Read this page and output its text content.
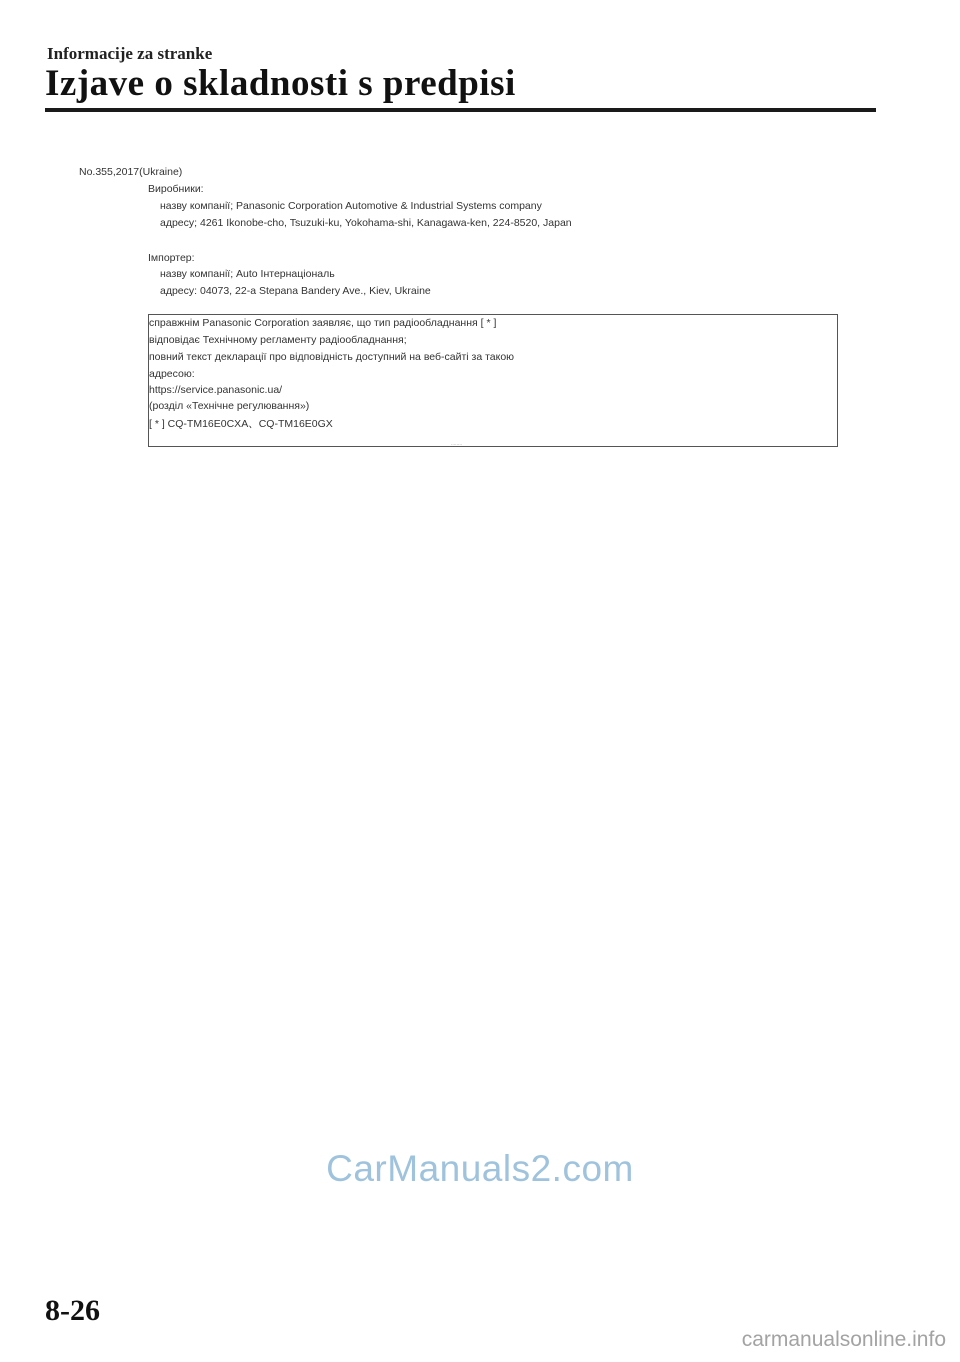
Informacije za stranke
Izjave o skladnosti s predpisi
No.355,2017(Ukraine)
Виробники:
назву компанії; Panasonic Corporation Automotive & Industrial Systems company
адресу; 4261 Ikonobe-cho, Tsuzuki-ku, Yokohama-shi, Kanagawa-ken, 224-8520, Japan
Імпортер:
назву компанії; Auto Інтернаціональ
адресу: 04073, 22-a Stepana Bandery Ave., Kiev, Ukraine
справжнім Panasonic Corporation заявляє, що тип радіообладнання [ * ]
відповідає Технічному регламенту радіообладнання;
повний текст декларації про відповідність доступний на веб-сайті за такою
адресою:
https://service.panasonic.ua/
(розділ «Технічне регулювання»)
[ * ] CQ-TM16E0CXA、CQ-TM16E0GX
........
CarManuals2.com
8-26
carmanualsonline.info
